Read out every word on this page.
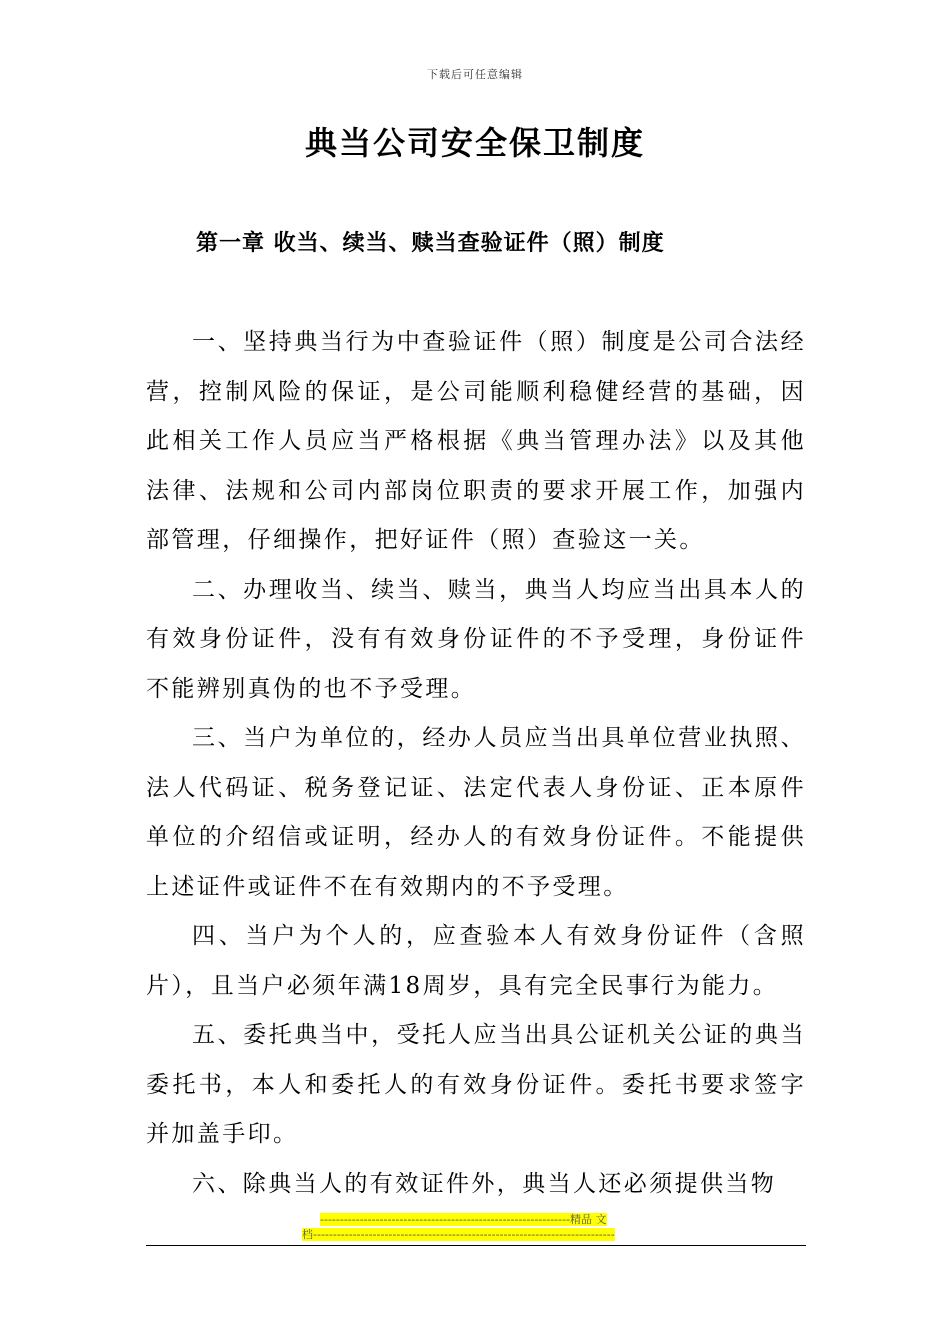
下载后可任意编辑
典当公司安全保卫制度
第一章 收当、续当、赎当查验证件（照）制度

一、坚持典当行为中查验证件（照）制度是公司合法经营，控制风险的保证，是公司能顺利稳健经营的基础，因此相关工作人员应当严格根据《典当管理办法》以及其他法律、法规和公司内部岗位职责的要求开展工作，加强内部管理，仔细操作，把好证件（照）查验这一关。

二、办理收当、续当、赎当，典当人均应当出具本人的有效身份证件，没有有效身份证件的不予受理，身份证件不能辨别真伪的也不予受理。

三、当户为单位的，经办人员应当出具单位营业执照、法人代码证、税务登记证、法定代表人身份证、正本原件单位的介绍信或证明，经办人的有效身份证件。不能提供上述证件或证件不在有效期内的不予受理。

四、当户为个人的，应查验本人有效身份证件（含照片），且当户必须年满18周岁，具有完全民事行为能力。

五、委托典当中，受托人应当出具公证机关公证的典当委托书，本人和委托人的有效身份证件。委托书要求签字并加盖手印。

六、除典当人的有效证件外，典当人还必须提供当物

---------------------------------------------------------------精品 文
档----------------------------------------------------------------------------
